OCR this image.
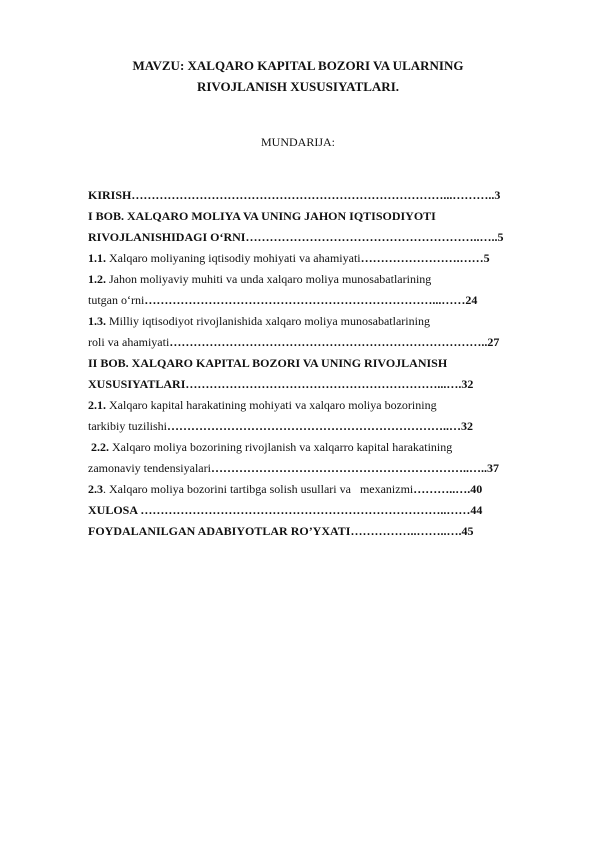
MAVZU: XALQARO KAPITAL BOZORI VA ULARNING
RIVOJLANISH XUSUSIYATLARI.
MUNDARIJA:
KIRISH……………………………………………………………………...………..3
I BOB. XALQARO MOLIYA VA UNING JAHON IQTISODIYOTI
RIVOJLANISHIDAGI O‘RNI…………………………………………………..…..5
1.1. Xalqaro moliyaning iqtisodiy mohiyati va ahamiyati…………………….……5
1.2. Jahon moliyaviy muhiti va unda xalqaro moliya munosabatlarining
tutgan o‘rni………………………………………………………………...……24
1.3. Milliy iqtisodiyot rivojlanishida xalqaro moliya munosabatlarining
roli va ahamiyati……………………………………………………………………..27
II BOB. XALQARO KAPITAL BOZORI VA UNING RIVOJLANISH
XUSUSIYATLARI………………………………………………………...….32
2.1. Xalqaro kapital harakatining mohiyati va xalqaro moliya bozorining
tarkibiy tuzilishi……………………………………………………………..…32
2.2. Xalqaro moliya bozorining rivojlanish va xalqarro kapital harakatining
zamonaviy tendensiyalari………………………………………………………..…..37
2.3. Xalqaro moliya bozorini tartibga solish usullari va   mexanizmi………..….40
XULOSA …………………………………………………………………..……44
FOYDALANILGAN ADABIYOTLAR RO’YXATI……………..……..….45
